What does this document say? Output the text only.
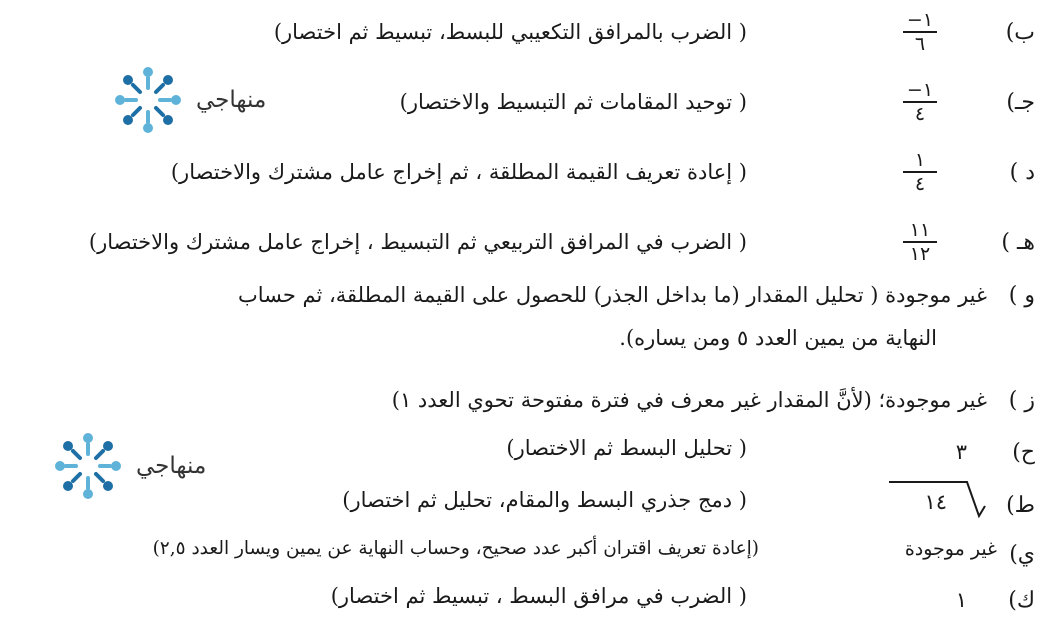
ب)
١−
٦
( الضرب بالمرافق التكعيبي للبسط، تبسيط ثم اختصار)
جـ)
١−
٤
( توحيد المقامات ثم التبسيط والاختصار)
منهاجي
د )
١
٤
( إعادة تعريف القيمة المطلقة ، ثم إخراج عامل مشترك والاختصار)
هـ )
١١
١٢
( الضرب في المرافق التربيعي ثم التبسيط ، إخراج عامل مشترك والاختصار)
و )
غير موجودة ( تحليل المقدار (ما بداخل الجذر) للحصول على القيمة المطلقة، ثم حساب
النهاية من يمين العدد ٥ ومن يساره).
ز )
غير موجودة؛ (لأنَّ المقدار غير معرف في فترة مفتوحة تحوي العدد ١)
ح)
٣
( تحليل البسط ثم الاختصار)
منهاجي
ط)
١٤
( دمج جذري البسط والمقام، تحليل ثم اختصار)
ي)
غير موجودة
(إعادة تعريف اقتران أكبر عدد صحيح، وحساب النهاية عن يمين ويسار العدد ٢,٥)
ك)
١
( الضرب في مرافق البسط ، تبسيط ثم اختصار)
